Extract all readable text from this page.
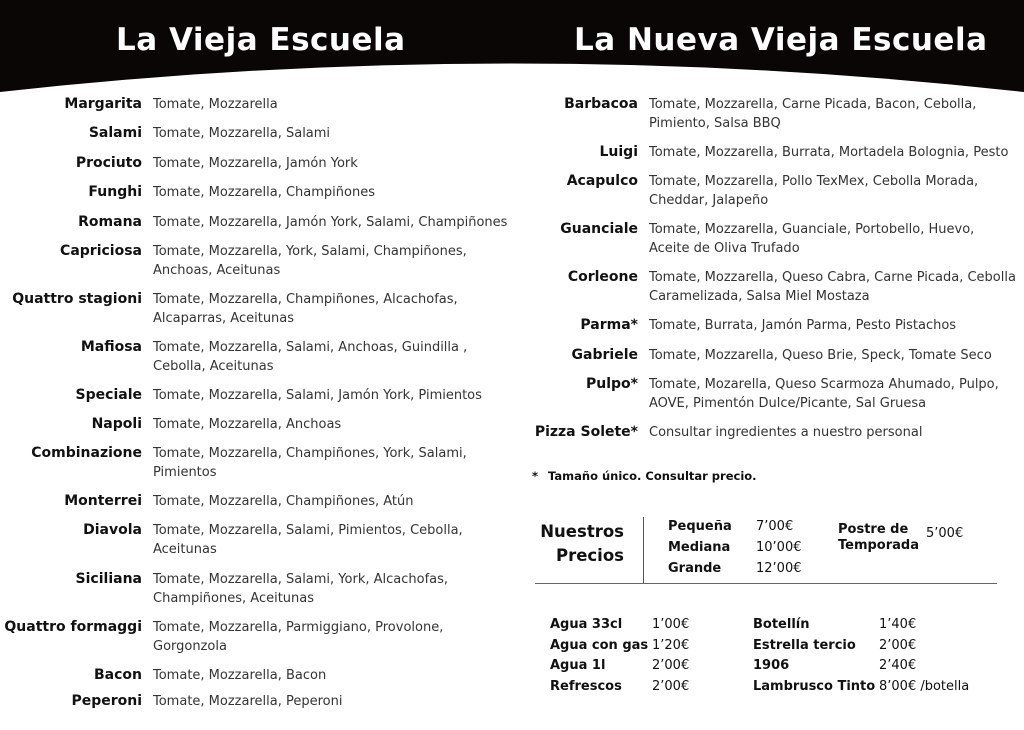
La Vieja Escuela	La Nueva Vieja Escuela
Margarita Tomate, Mozzarella
Salami Tomate, Mozzarella, Salami
Prociuto Tomate, Mozzarella, Jamón York
Funghi Tomate, Mozzarella, Champiñones
Romana Tomate, Mozzarella, Jamón York, Salami, Champiñones
Capriciosa Tomate, Mozzarella, York, Salami, Champiñones,
Anchoas, Aceitunas
Quattro stagioni Tomate, Mozzarella, Champiñones, Alcachofas,
Alcaparras, Aceitunas
Mafiosa Tomate, Mozzarella, Salami, Anchoas, Guindilla ,
Cebolla, Aceitunas
Speciale Tomate, Mozzarella, Salami, Jamón York, Pimientos
Napoli Tomate, Mozzarella, Anchoas
Combinazione Tomate, Mozzarella, Champiñones, York, Salami,
Pimientos
Monterrei Tomate, Mozzarella, Champiñones, Atún
Diavola Tomate, Mozzarella, Salami, Pimientos, Cebolla,
Aceitunas
Siciliana Tomate, Mozzarella, Salami, York, Alcachofas,
Champiñones, Aceitunas
Quattro formaggi Tomate, Mozzarella, Parmiggiano, Provolone,
Gorgonzola
Bacon Tomate, Mozzarella, Bacon
Peperoni Tomate, Mozzarella, Peperoni
Barbacoa Tomate, Mozzarella, Carne Picada, Bacon, Cebolla,
Pimiento, Salsa BBQ
Luigi Tomate, Mozzarella, Burrata, Mortadela Bolognia, Pesto
Acapulco Tomate, Mozzarella, Pollo TexMex, Cebolla Morada,
Cheddar, Jalapeño
Guanciale Tomate, Mozzarella, Guanciale, Portobello, Huevo,
Aceite de Oliva Trufado
Corleone Tomate, Mozzarella, Queso Cabra, Carne Picada, Cebolla
Caramelizada, Salsa Miel Mostaza
Parma* Tomate, Burrata, Jamón Parma, Pesto Pistachos
Gabriele Tomate, Mozzarella, Queso Brie, Speck, Tomate Seco
Pulpo* Tomate, Mozarella, Queso Scarmoza Ahumado, Pulpo,
AOVE, Pimentón Dulce/Picante, Sal Gruesa
Pizza Solete* Consultar ingredientes a nuestro personal
* Tamaño único. Consultar precio.
Nuestros
Precios
Pequeña 7’00€
Mediana 10’00€
Grande	12’00€
Postre de
Temporada
5’00€
Agua 33cl 1’00€
Agua con gas 1’20€
Agua 1l	2’00€
Refrescos 2’00€
Botellín	1’40€
Estrella tercio 2’00€
1906	2’40€
Lambrusco Tinto 8’00€ /botella
